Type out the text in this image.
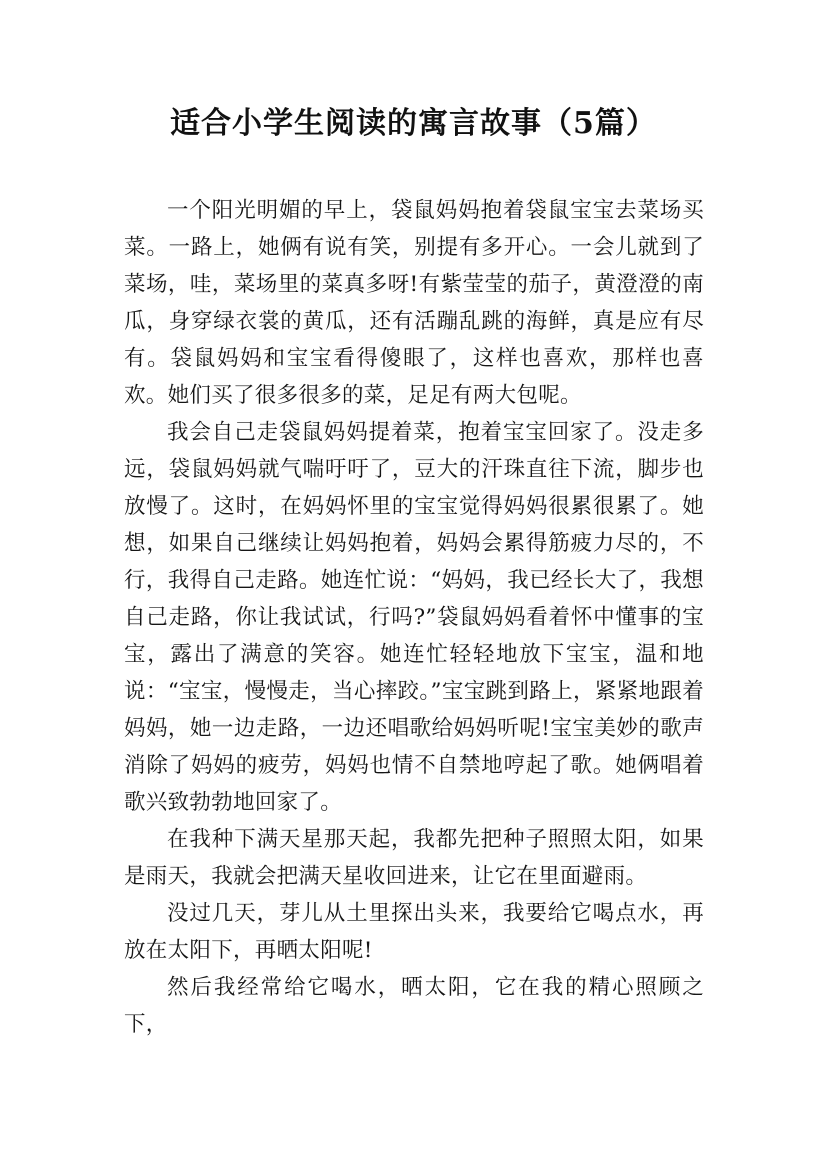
适合小学生阅读的寓言故事（5篇）

一个阳光明媚的早上，袋鼠妈妈抱着袋鼠宝宝去菜场买菜。一路上，她俩有说有笑，别提有多开心。一会儿就到了菜场，哇，菜场里的菜真多呀!有紫莹莹的茄子，黄澄澄的南瓜，身穿绿衣裳的黄瓜，还有活蹦乱跳的海鲜，真是应有尽有。袋鼠妈妈和宝宝看得傻眼了，这样也喜欢，那样也喜欢。她们买了很多很多的菜，足足有两大包呢。

我会自己走袋鼠妈妈提着菜，抱着宝宝回家了。没走多远，袋鼠妈妈就气喘吁吁了，豆大的汗珠直往下流，脚步也放慢了。这时，在妈妈怀里的宝宝觉得妈妈很累很累了。她想，如果自己继续让妈妈抱着，妈妈会累得筋疲力尽的，不行，我得自己走路。她连忙说：“妈妈，我已经长大了，我想自己走路，你让我试试，行吗?”袋鼠妈妈看着怀中懂事的宝宝，露出了满意的笑容。她连忙轻轻地放下宝宝，温和地说：“宝宝，慢慢走，当心摔跤。”宝宝跳到路上，紧紧地跟着妈妈，她一边走路，一边还唱歌给妈妈听呢!宝宝美妙的歌声消除了妈妈的疲劳，妈妈也情不自禁地哼起了歌。她俩唱着歌兴致勃勃地回家了。

在我种下满天星那天起，我都先把种子照照太阳，如果是雨天，我就会把满天星收回进来，让它在里面避雨。

没过几天，芽儿从土里探出头来，我要给它喝点水，再放在太阳下，再晒太阳呢!

然后我经常给它喝水，晒太阳，它在我的精心照顾之下，
